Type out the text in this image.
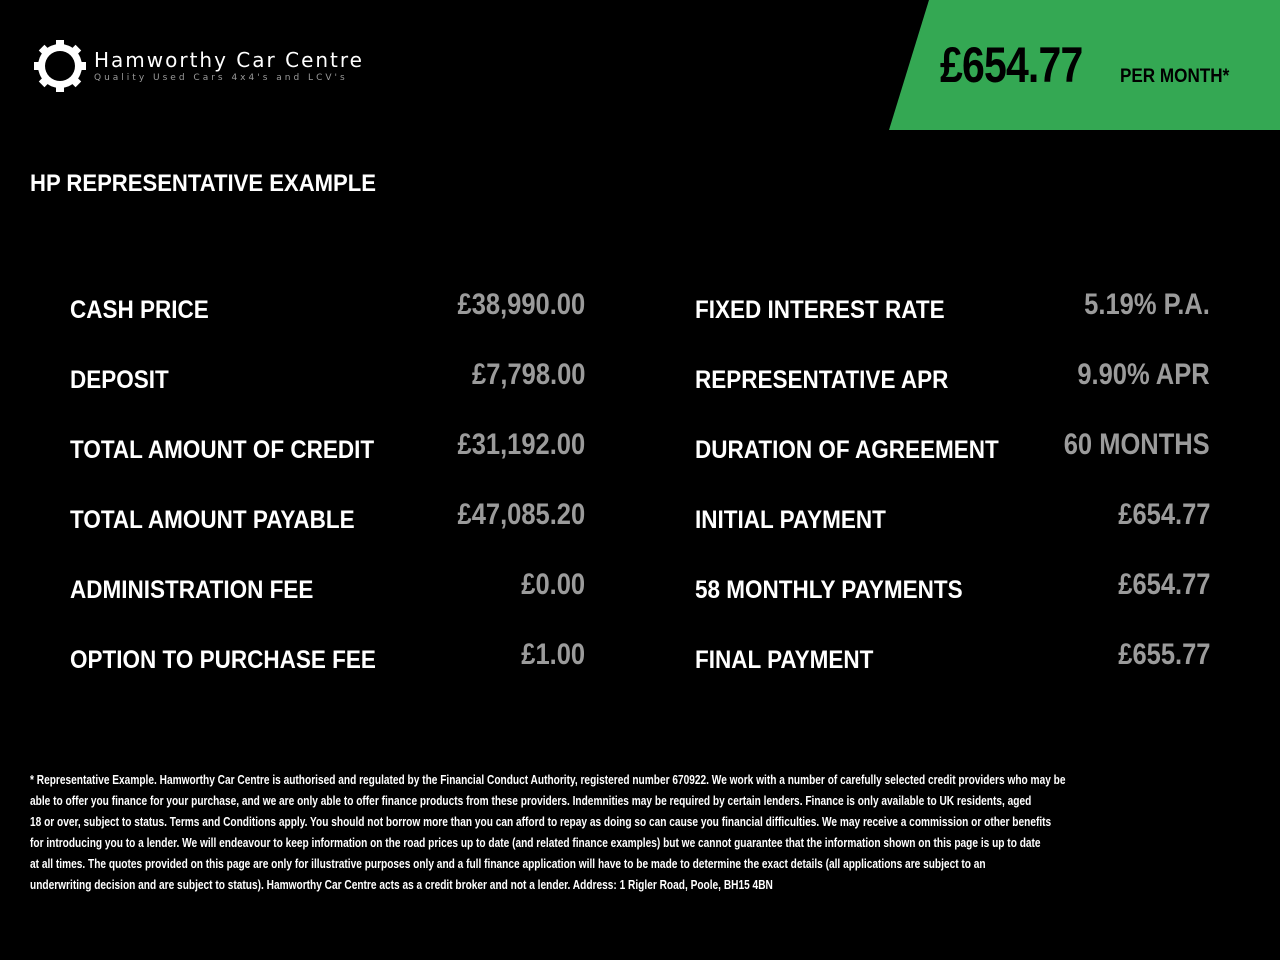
Hamworthy Car Centre
Quality Used Cars 4x4's and LCV's	£654.77 PER MONTH*
HP REPRESENTATIVE EXAMPLE
CASH PRICE	£38,990.00
DEPOSIT	£7,798.00
TOTAL AMOUNT OF CREDIT	£31,192.00
TOTAL AMOUNT PAYABLE	£47,085.20
ADMINISTRATION FEE	£0.00
OPTION TO PURCHASE FEE	£1.00
FIXED INTEREST RATE	5.19% P.A.
REPRESENTATIVE APR	9.90% APR
DURATION OF AGREEMENT 60 MONTHS
INITIAL PAYMENT	£654.77
58 MONTHLY PAYMENTS	£654.77
FINAL PAYMENT	£655.77
* Representative Example. Hamworthy Car Centre is authorised and regulated by the Financial Conduct Authority, registered number 670922. We work with a number of carefully selected credit providers who may be
able to offer you finance for your purchase, and we are only able to offer finance products from these providers. Indemnities may be required by certain lenders. Finance is only available to UK residents, aged
18 or over, subject to status. Terms and Conditions apply. You should not borrow more than you can afford to repay as doing so can cause you financial difficulties. We may receive a commission or other benefits
for introducing you to a lender. We will endeavour to keep information on the road prices up to date (and related finance examples) but we cannot guarantee that the information shown on this page is up to date
at all times. The quotes provided on this page are only for illustrative purposes only and a full finance application will have to be made to determine the exact details (all applications are subject to an
underwriting decision and are subject to status). Hamworthy Car Centre acts as a credit broker and not a lender. Address: 1 Rigler Road, Poole, BH15 4BN
